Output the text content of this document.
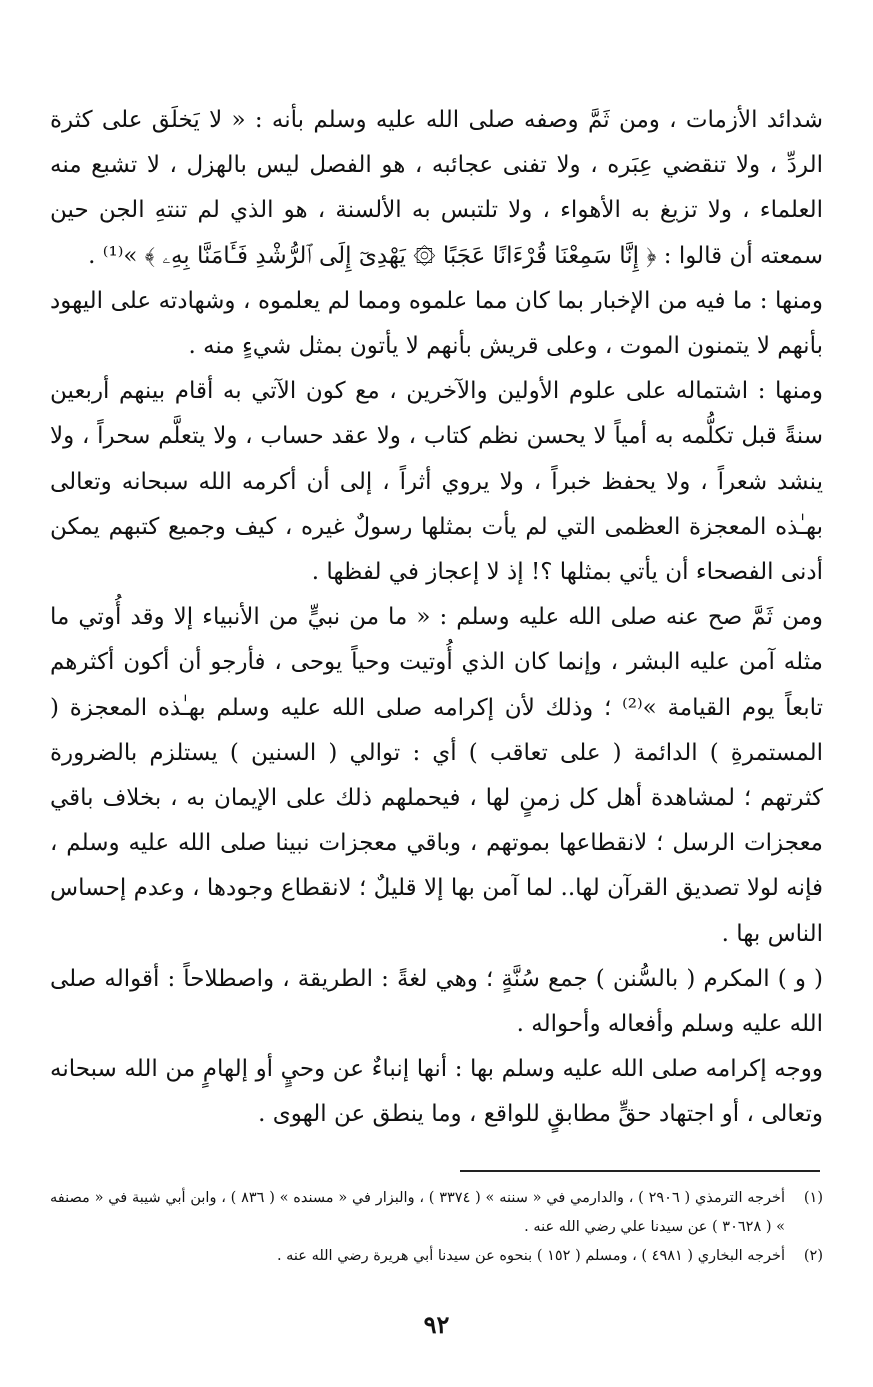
شدائد الأزمات ، ومن ثَمَّ وصفه صلى الله عليه وسلم بأنه : « لا يَخلَق على كثرة الردِّ ، ولا تنقضي عِبَره ، ولا تفنى عجائبه ، هو الفصل ليس بالهزل ، لا تشبع منه العلماء ، ولا تزيغ به الأهواء ، ولا تلتبس به الألسنة ، هو الذي لم تنتهِ الجن حين سمعته أن قالوا : ﴿ إِنَّا سَمِعْنَا قُرْءَانًا عَجَبًا ۞ يَهْدِىٓ إِلَى ٱلرُّشْدِ فَـَٔامَنَّا بِهِۦ ﴾ »⁽¹⁾ .

ومنها : ما فيه من الإخبار بما كان مما علموه ومما لم يعلموه ، وشهادته على اليهود بأنهم لا يتمنون الموت ، وعلى قريش بأنهم لا يأتون بمثل شيءٍ منه .

ومنها : اشتماله على علوم الأولين والآخرين ، مع كون الآتي به أقام بينهم أربعين سنةً قبل تكلُّمه به أمياً لا يحسن نظم كتاب ، ولا عقد حساب ، ولا يتعلَّم سحراً ، ولا ينشد شعراً ، ولا يحفظ خبراً ، ولا يروي أثراً ، إلى أن أكرمه الله سبحانه وتعالى بهـٰذه المعجزة العظمى التي لم يأت بمثلها رسولٌ غيره ، كيف وجميع كتبهم يمكن أدنى الفصحاء أن يأتي بمثلها ؟! إذ لا إعجاز في لفظها .

ومن ثَمَّ صح عنه صلى الله عليه وسلم : « ما من نبيٍّ من الأنبياء إلا وقد أُوتي ما مثله آمن عليه البشر ، وإنما كان الذي أُوتيت وحياً يوحى ، فأرجو أن أكون أكثرهم تابعاً يوم القيامة »⁽²⁾ ؛ وذلك لأن إكرامه صلى الله عليه وسلم بهـٰذه المعجزة ( المستمرةِ ) الدائمة ( على تعاقب ) أي : توالي ( السنين ) يستلزم بالضرورة كثرتهم ؛ لمشاهدة أهل كل زمنٍ لها ، فيحملهم ذلك على الإيمان به ، بخلاف باقي معجزات الرسل ؛ لانقطاعها بموتهم ، وباقي معجزات نبينا صلى الله عليه وسلم ، فإنه لولا تصديق القرآن لها.. لما آمن بها إلا قليلٌ ؛ لانقطاع وجودها ، وعدم إحساس الناس بها .

( و ) المكرم ( بالسُّنن ) جمع سُنَّةٍ ؛ وهي لغةً : الطريقة ، واصطلاحاً : أقواله صلى الله عليه وسلم وأفعاله وأحواله .

ووجه إكرامه صلى الله عليه وسلم بها : أنها إنباءٌ عن وحيٍ أو إلهامٍ من الله سبحانه وتعالى ، أو اجتهاد حقٍّ مطابقٍ للواقع ، وما ينطق عن الهوى .

(١)
أخرجه الترمذي ( ٢٩٠٦ ) ، والدارمي في « سننه » ( ٣٣٧٤ ) ، والبزار في « مسنده » ( ٨٣٦ ) ، وابن أبي شيبة في « مصنفه » ( ٣٠٦٢٨ ) عن سيدنا علي رضي الله عنه .

(٢)
أخرجه البخاري ( ٤٩٨١ ) ، ومسلم ( ١٥٢ ) بنحوه عن سيدنا أبي هريرة رضي الله عنه .

٩٢
